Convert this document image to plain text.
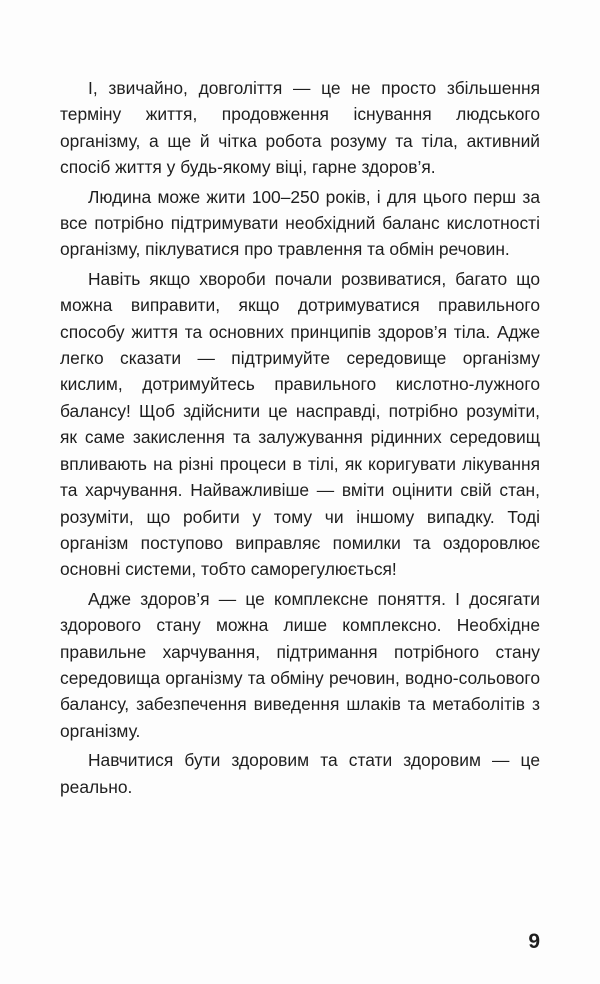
І, звичайно, довголіття — це не просто збільшення терміну життя, продовження існування людського організму, а ще й чітка робота розуму та тіла, активний спосіб життя у будь-якому віці, гарне здоров’я.

Людина може жити 100–250 років, і для цього перш за все потрібно підтримувати необхідний баланс кислотності організму, піклуватися про травлення та обмін речовин.

Навіть якщо хвороби почали розвиватися, багато що можна виправити, якщо дотримуватися правильного способу життя та основних принципів здоров’я тіла. Адже легко сказати — підтримуйте середовище організму кислим, дотримуйтесь правильного кислотно-лужного балансу! Щоб здійснити це насправді, потрібно розуміти, як саме закислення та залужування рідинних середовищ впливають на різні процеси в тілі, як коригувати лікування та харчування. Найважливіше — вміти оцінити свій стан, розуміти, що робити у тому чи іншому випадку. Тоді організм поступово виправляє помилки та оздоровлює основні системи, тобто саморегулюється!

Адже здоров’я — це комплексне поняття. І досягати здорового стану можна лише комплексно. Необхідне правильне харчування, підтримання потрібного стану середовища організму та обміну речовин, водно-сольового балансу, забезпечення виведення шлаків та метаболітів з організму.

Навчитися бути здоровим та стати здоровим — це реально.

9
